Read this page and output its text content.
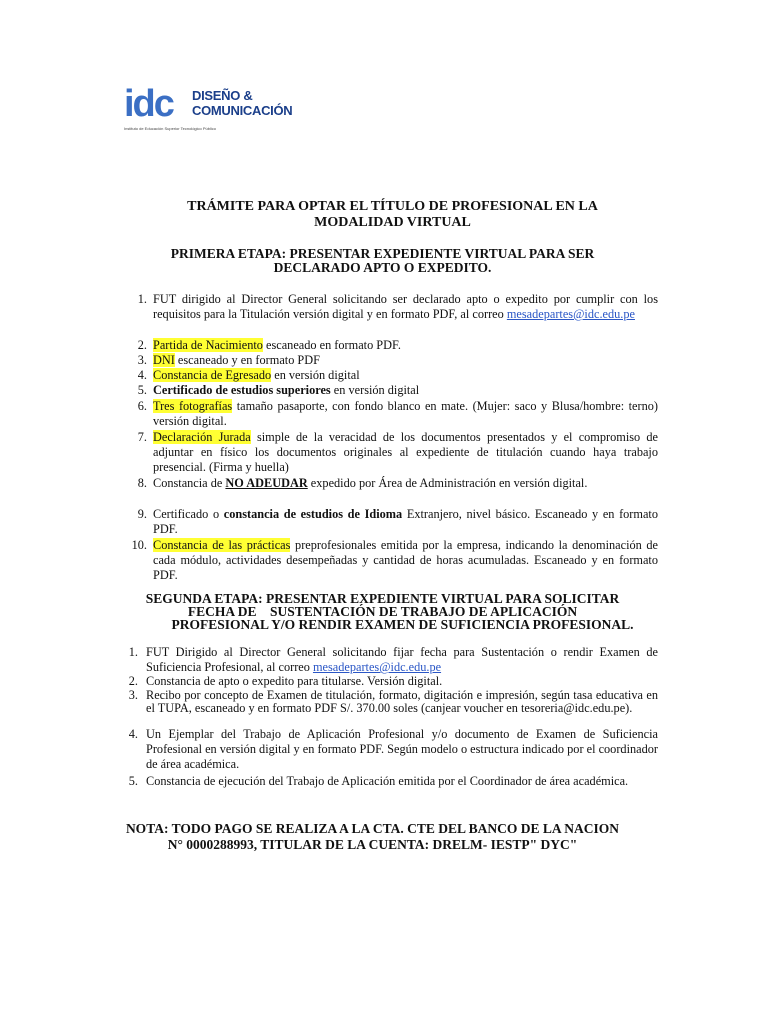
idc DISEÑO &
COMUNICACIÓN
Instituto de Educación Superior Tecnológico Público
TRÁMITE PARA OPTAR EL TÍTULO DE PROFESIONAL EN LA
MODALIDAD VIRTUAL
PRIMERA ETAPA: PRESENTAR EXPEDIENTE VIRTUAL PARA SER
DECLARADO APTO O EXPEDITO.
1. FUT dirigido al Director General solicitando ser declarado apto o expedito por cumplir con los requisitos para la Titulación versión digital y en formato PDF, al correo mesadepartes@idc.edu.pe
2. Partida de Nacimiento escaneado en formato PDF.
3. DNI escaneado y en formato PDF
4. Constancia de Egresado en versión digital
5. Certificado de estudios superiores en versión digital
6. Tres fotografías tamaño pasaporte, con fondo blanco en mate. (Mujer: saco y Blusa/hombre: terno) versión digital.
7. Declaración Jurada simple de la veracidad de los documentos presentados y el compromiso de adjuntar en físico los documentos originales al expediente de titulación cuando haya trabajo presencial. (Firma y huella)
8. Constancia de NO ADEUDAR expedido por Área de Administración en versión digital.
9. Certificado o constancia de estudios de Idioma Extranjero, nivel básico. Escaneado y en formato PDF.
10. Constancia de las prácticas preprofesionales emitida por la empresa, indicando la denominación de cada módulo, actividades desempeñadas y cantidad de horas acumuladas. Escaneado y en formato PDF.
SEGUNDA ETAPA: PRESENTAR EXPEDIENTE VIRTUAL PARA SOLICITAR
FECHA DE    SUSTENTACIÓN DE TRABAJO DE APLICACIÓN
PROFESIONAL Y/O RENDIR EXAMEN DE SUFICIENCIA PROFESIONAL.
1. FUT Dirigido al Director General solicitando fijar fecha para Sustentación o rendir Examen de Suficiencia Profesional, al correo mesadepartes@idc.edu.pe
2. Constancia de apto o expedito para titularse. Versión digital.
3. Recibo por concepto de Examen de titulación, formato, digitación e impresión, según tasa educativa en el TUPA, escaneado y en formato PDF S/. 370.00 soles (canjear voucher en tesoreria@idc.edu.pe).
4. Un Ejemplar del Trabajo de Aplicación Profesional y/o documento de Examen de Suficiencia Profesional en versión digital y en formato PDF. Según modelo o estructura indicado por el coordinador de área académica.
5. Constancia de ejecución del Trabajo de Aplicación emitida por el Coordinador de área académica.
NOTA: TODO PAGO SE REALIZA A LA CTA. CTE DEL BANCO DE LA NACION
N° 0000288993, TITULAR DE LA CUENTA: DRELM- IESTP" DYC"
